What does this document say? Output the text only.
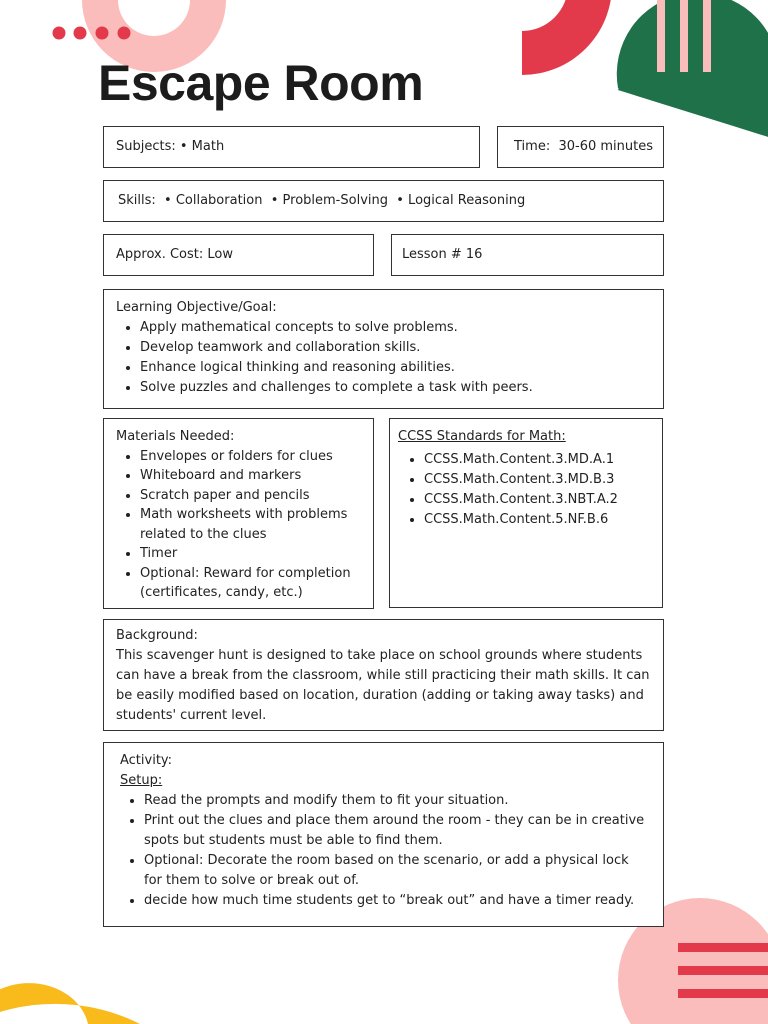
Escape Room
Subjects: • Math	Time:  30-60 minutes
Skills:  • Collaboration  • Problem-Solving  • Logical Reasoning
Approx. Cost: Low	Lesson # 16
Learning Objective/Goal:
• Apply mathematical concepts to solve problems.
• Develop teamwork and collaboration skills.
• Enhance logical thinking and reasoning abilities.
• Solve puzzles and challenges to complete a task with peers.
Materials Needed:
• Envelopes or folders for clues
• Whiteboard and markers
• Scratch paper and pencils
• Math worksheets with problems related to the clues
• Timer
• Optional: Reward for completion (certificates, candy, etc.)
CCSS Standards for Math:
• CCSS.Math.Content.3.MD.A.1
• CCSS.Math.Content.3.MD.B.3
• CCSS.Math.Content.3.NBT.A.2
• CCSS.Math.Content.5.NF.B.6
Background:
This scavenger hunt is designed to take place on school grounds where students can have a break from the classroom, while still practicing their math skills. It can be easily modified based on location, duration (adding or taking away tasks) and students' current level.
Activity:
Setup:
• Read the prompts and modify them to fit your situation.
• Print out the clues and place them around the room - they can be in creative spots but students must be able to find them.
• Optional: Decorate the room based on the scenario, or add a physical lock for them to solve or break out of.
• decide how much time students get to “break out” and have a timer ready.
